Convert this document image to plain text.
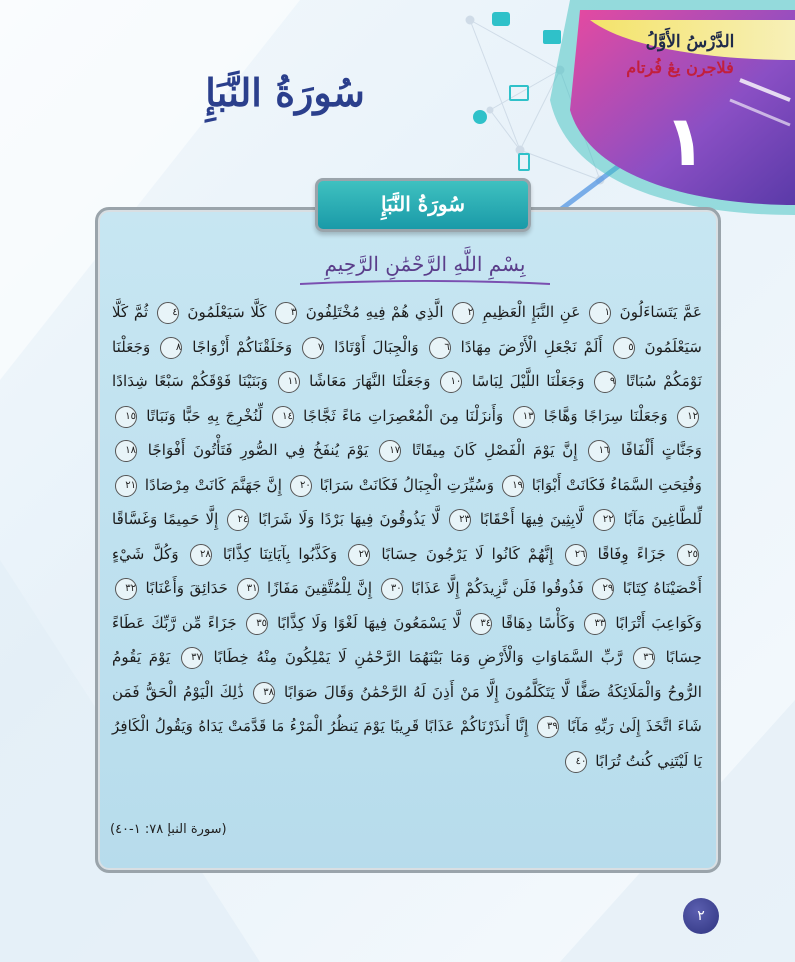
سُورَةُ النَّبَإِ
الدَّرْسُ الأَوَّلُ
فلاجرن يڠ فُرتام
١
سُورَةُ النَّبَإِ
بِسْمِ اللَّهِ الرَّحْمَٰنِ الرَّحِيمِ
عَمَّ يَتَسَاءَلُونَ ١ عَنِ النَّبَإِ الْعَظِيمِ ٢ الَّذِي هُمْ فِيهِ مُخْتَلِفُونَ ٣ كَلَّا سَيَعْلَمُونَ ٤ ثُمَّ كَلَّا سَيَعْلَمُونَ ٥ أَلَمْ نَجْعَلِ الْأَرْضَ مِهَادًا ٦ وَالْجِبَالَ أَوْتَادًا ٧ وَخَلَقْنَاكُمْ أَزْوَاجًا ٨ وَجَعَلْنَا نَوْمَكُمْ سُبَاتًا ٩ وَجَعَلْنَا اللَّيْلَ لِبَاسًا ١٠ وَجَعَلْنَا النَّهَارَ مَعَاشًا ١١ وَبَنَيْنَا فَوْقَكُمْ سَبْعًا شِدَادًا ١٢ وَجَعَلْنَا سِرَاجًا وَهَّاجًا ١٣ وَأَنزَلْنَا مِنَ الْمُعْصِرَاتِ مَاءً ثَجَّاجًا ١٤ لِّنُخْرِجَ بِهِ حَبًّا وَنَبَاتًا ١٥ وَجَنَّاتٍ أَلْفَافًا ١٦ إِنَّ يَوْمَ الْفَصْلِ كَانَ مِيقَاتًا ١٧ يَوْمَ يُنفَخُ فِي الصُّورِ فَتَأْتُونَ أَفْوَاجًا ١٨ وَفُتِحَتِ السَّمَاءُ فَكَانَتْ أَبْوَابًا ١٩ وَسُيِّرَتِ الْجِبَالُ فَكَانَتْ سَرَابًا ٢٠ إِنَّ جَهَنَّمَ كَانَتْ مِرْصَادًا ٢١ لِّلطَّاغِينَ مَآبًا ٢٢ لَّابِثِينَ فِيهَا أَحْقَابًا ٢٣ لَّا يَذُوقُونَ فِيهَا بَرْدًا وَلَا شَرَابًا ٢٤ إِلَّا حَمِيمًا وَغَسَّاقًا ٢٥ جَزَاءً وِفَاقًا ٢٦ إِنَّهُمْ كَانُوا لَا يَرْجُونَ حِسَابًا ٢٧ وَكَذَّبُوا بِآيَاتِنَا كِذَّابًا ٢٨ وَكُلَّ شَيْءٍ أَحْصَيْنَاهُ كِتَابًا ٢٩ فَذُوقُوا فَلَن نَّزِيدَكُمْ إِلَّا عَذَابًا ٣٠ إِنَّ لِلْمُتَّقِينَ مَفَازًا ٣١ حَدَائِقَ وَأَعْنَابًا ٣٢ وَكَوَاعِبَ أَتْرَابًا ٣٣ وَكَأْسًا دِهَاقًا ٣٤ لَّا يَسْمَعُونَ فِيهَا لَغْوًا وَلَا كِذَّابًا ٣٥ جَزَاءً مِّن رَّبِّكَ عَطَاءً حِسَابًا ٣٦ رَّبِّ السَّمَاوَاتِ وَالْأَرْضِ وَمَا بَيْنَهُمَا الرَّحْمَٰنِ لَا يَمْلِكُونَ مِنْهُ خِطَابًا ٣٧ يَوْمَ يَقُومُ الرُّوحُ وَالْمَلَائِكَةُ صَفًّا لَّا يَتَكَلَّمُونَ إِلَّا مَنْ أَذِنَ لَهُ الرَّحْمَٰنُ وَقَالَ صَوَابًا ٣٨ ذَٰلِكَ الْيَوْمُ الْحَقُّ فَمَن شَاءَ اتَّخَذَ إِلَىٰ رَبِّهِ مَآبًا ٣٩ إِنَّا أَنذَرْنَاكُمْ عَذَابًا قَرِيبًا يَوْمَ يَنظُرُ الْمَرْءُ مَا قَدَّمَتْ يَدَاهُ وَيَقُولُ الْكَافِرُ يَا لَيْتَنِي كُنتُ تُرَابًا ٤٠
(سورة النبإ ٧٨: ١-٤٠)
٢
